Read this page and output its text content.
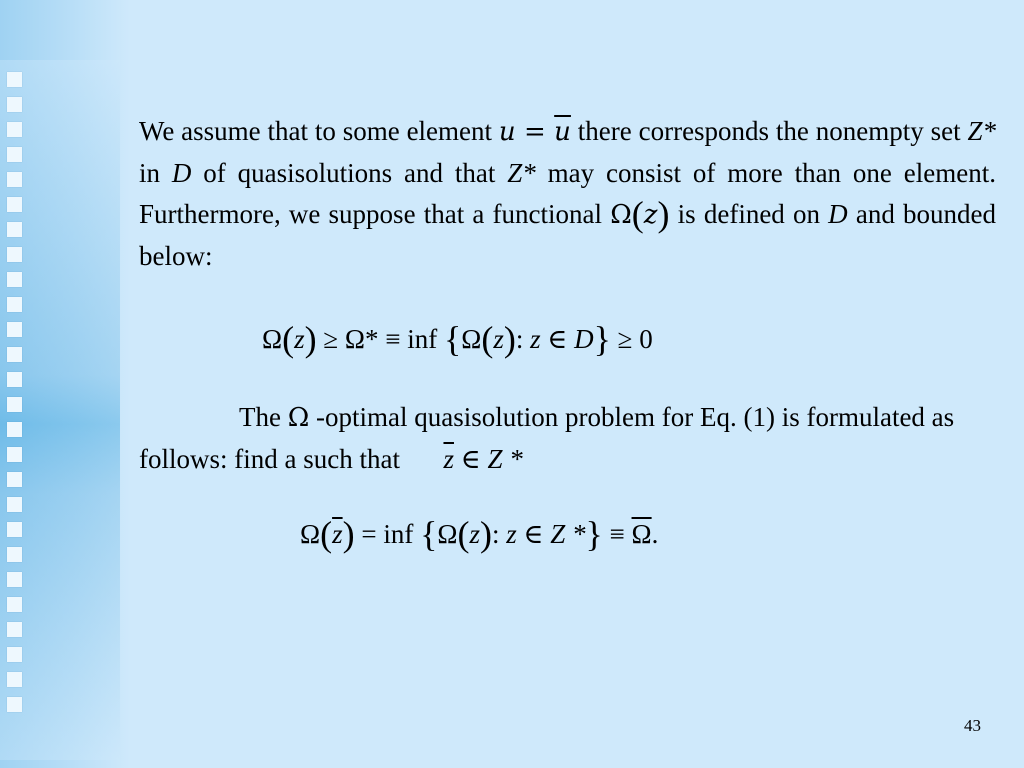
We assume that to some element $u = \overline{u}$ there corresponds the nonempty set Z* in D of quasisolutions and that Z* may consist of more than one element. Furthermore, we suppose that a functional Ω(z) is defined on D and bounded below:
Ω(z) ≥ Ω* ≡ inf {Ω(z): z ∈ D} ≥ 0
The Ω -optimal quasisolution problem for Eq. (1) is formulated as follows: find a such that  $\overline{z}$ ∈ Z *
$\Omega(\overline{z})$ = inf {Ω(z): z ∈ Z *} ≡ $\overline{\Omega}$.
43
